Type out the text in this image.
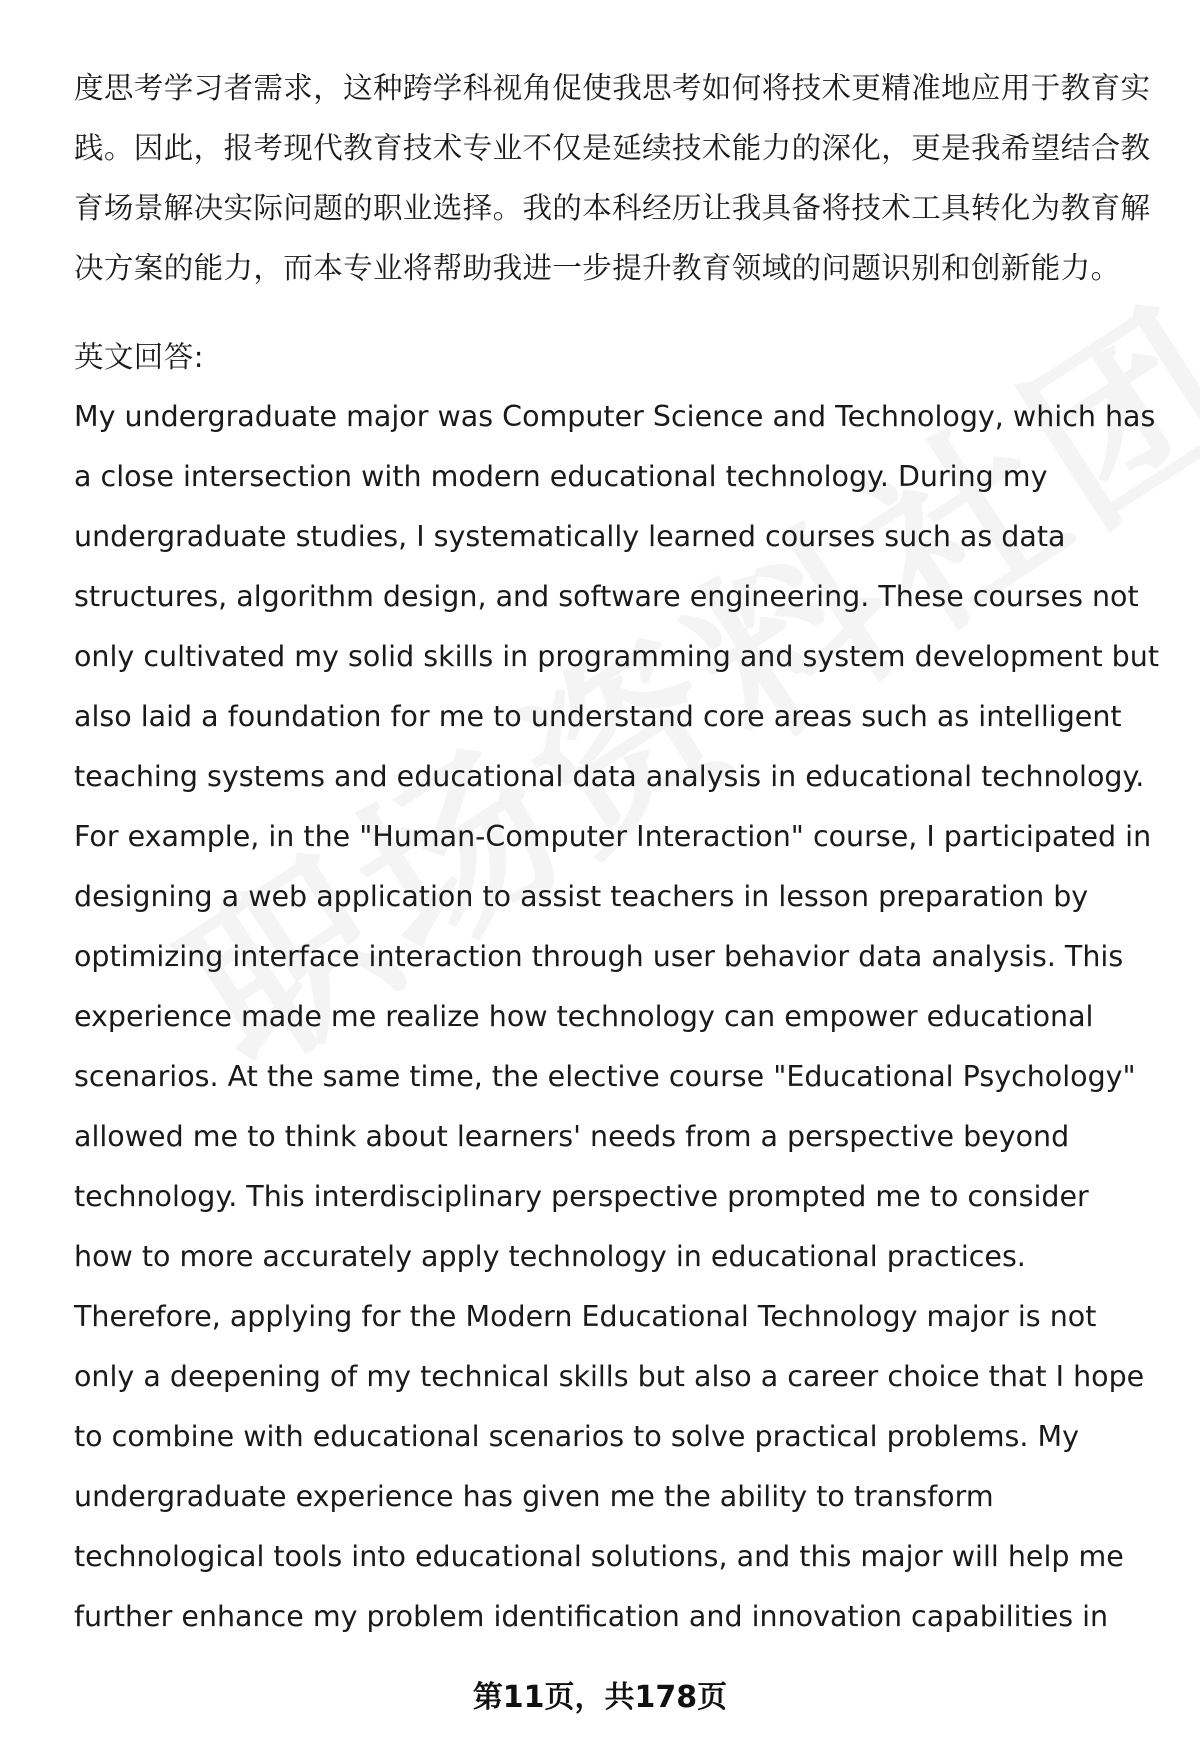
度思考学习者需求，这种跨学科视角促使我思考如何将技术更精准地应用于教育实
践。因此，报考现代教育技术专业不仅是延续技术能力的深化，更是我希望结合教
育场景解决实际问题的职业选择。我的本科经历让我具备将技术工具转化为教育解
决方案的能力，而本专业将帮助我进一步提升教育领域的问题识别和创新能力。
英文回答:
My undergraduate major was Computer Science and Technology, which has
a close intersection with modern educational technology. During my
undergraduate studies, I systematically learned courses such as data
structures, algorithm design, and software engineering. These courses not
only cultivated my solid skills in programming and system development but
also laid a foundation for me to understand core areas such as intelligent
teaching systems and educational data analysis in educational technology.
For example, in the "Human-Computer Interaction" course, I participated in
designing a web application to assist teachers in lesson preparation by
optimizing interface interaction through user behavior data analysis. This
experience made me realize how technology can empower educational
scenarios. At the same time, the elective course "Educational Psychology"
allowed me to think about learners' needs from a perspective beyond
technology. This interdisciplinary perspective prompted me to consider
how to more accurately apply technology in educational practices.
Therefore, applying for the Modern Educational Technology major is not
only a deepening of my technical skills but also a career choice that I hope
to combine with educational scenarios to solve practical problems. My
undergraduate experience has given me the ability to transform
technological tools into educational solutions, and this major will help me
further enhance my problem identification and innovation capabilities in
第11页，共178页
